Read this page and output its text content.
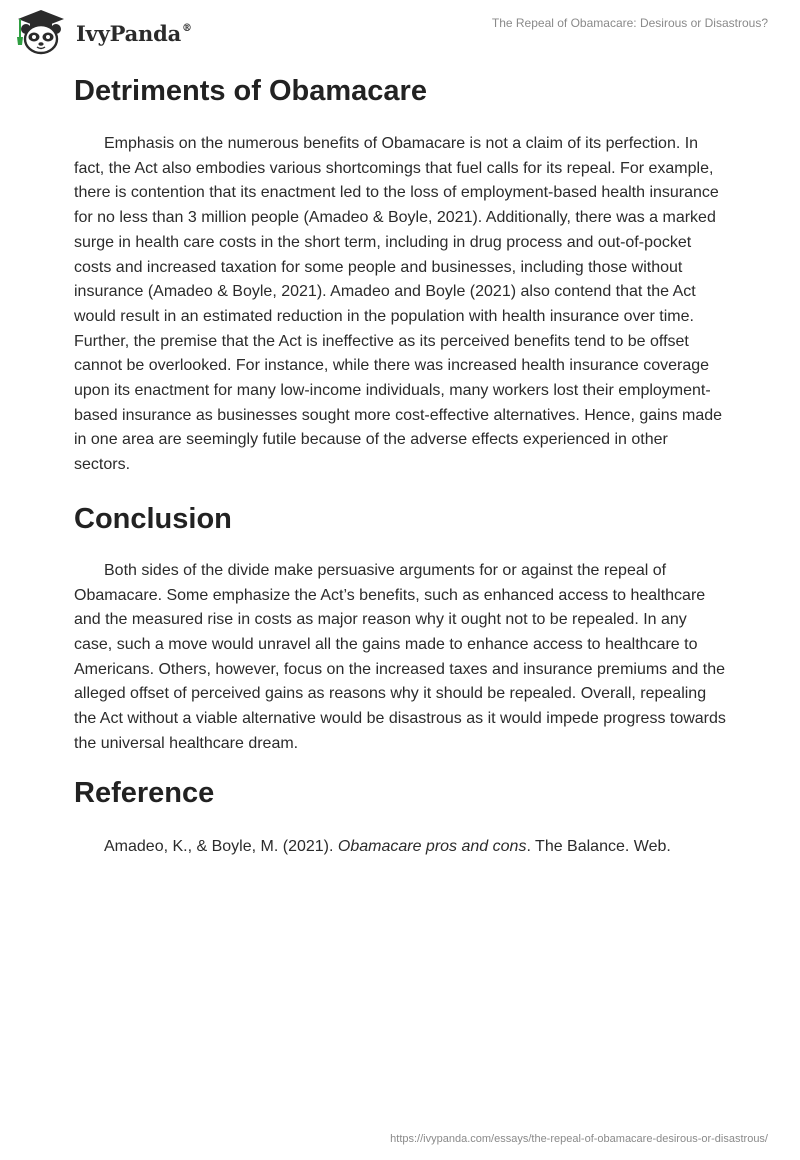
IvyPanda®	The Repeal of Obamacare: Desirous or Disastrous?
Detriments of Obamacare

Emphasis on the numerous benefits of Obamacare is not a claim of its perfection. In fact, the Act also embodies various shortcomings that fuel calls for its repeal. For example, there is contention that its enactment led to the loss of employment-based health insurance for no less than 3 million people (Amadeo & Boyle, 2021). Additionally, there was a marked surge in health care costs in the short term, including in drug process and out-of-pocket costs and increased taxation for some people and businesses, including those without insurance (Amadeo & Boyle, 2021). Amadeo and Boyle (2021) also contend that the Act would result in an estimated reduction in the population with health insurance over time. Further, the premise that the Act is ineffective as its perceived benefits tend to be offset cannot be overlooked. For instance, while there was increased health insurance coverage upon its enactment for many low-income individuals, many workers lost their employment-based insurance as businesses sought more cost-effective alternatives. Hence, gains made in one area are seemingly futile because of the adverse effects experienced in other sectors.

Conclusion

Both sides of the divide make persuasive arguments for or against the repeal of Obamacare. Some emphasize the Act’s benefits, such as enhanced access to healthcare and the measured rise in costs as major reason why it ought not to be repealed. In any case, such a move would unravel all the gains made to enhance access to healthcare to Americans. Others, however, focus on the increased taxes and insurance premiums and the alleged offset of perceived gains as reasons why it should be repealed. Overall, repealing the Act without a viable alternative would be disastrous as it would impede progress towards the universal healthcare dream.

Reference

Amadeo, K., & Boyle, M. (2021). Obamacare pros and cons. The Balance. Web.

https://ivypanda.com/essays/the-repeal-of-obamacare-desirous-or-disastrous/
